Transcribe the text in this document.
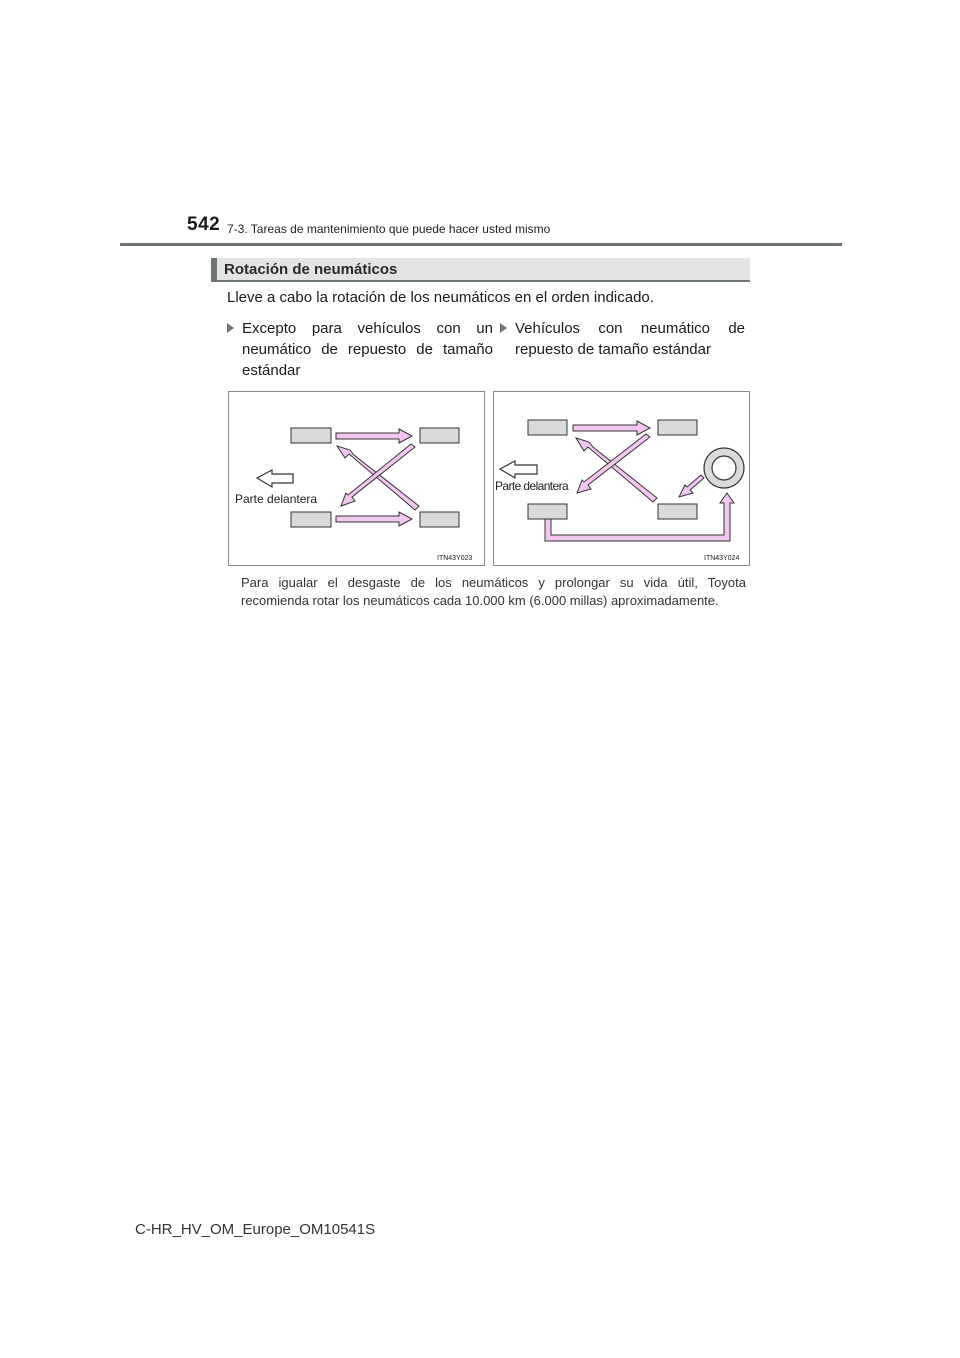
542 7-3. Tareas de mantenimiento que puede hacer usted mismo
Rotación de neumáticos
Lleve a cabo la rotación de los neumáticos en el orden indicado.
Excepto para vehículos con un neumático de repuesto de tamaño estándar
Vehículos con neumático de repuesto de tamaño estándar
Parte delantera
ITN43Y023
Parte delantera
ITN43Y024
Para igualar el desgaste de los neumáticos y prolongar su vida útil, Toyota
recomienda rotar los neumáticos cada 10.000 km (6.000 millas) aproximadamente.
C-HR_HV_OM_Europe_OM10541S
